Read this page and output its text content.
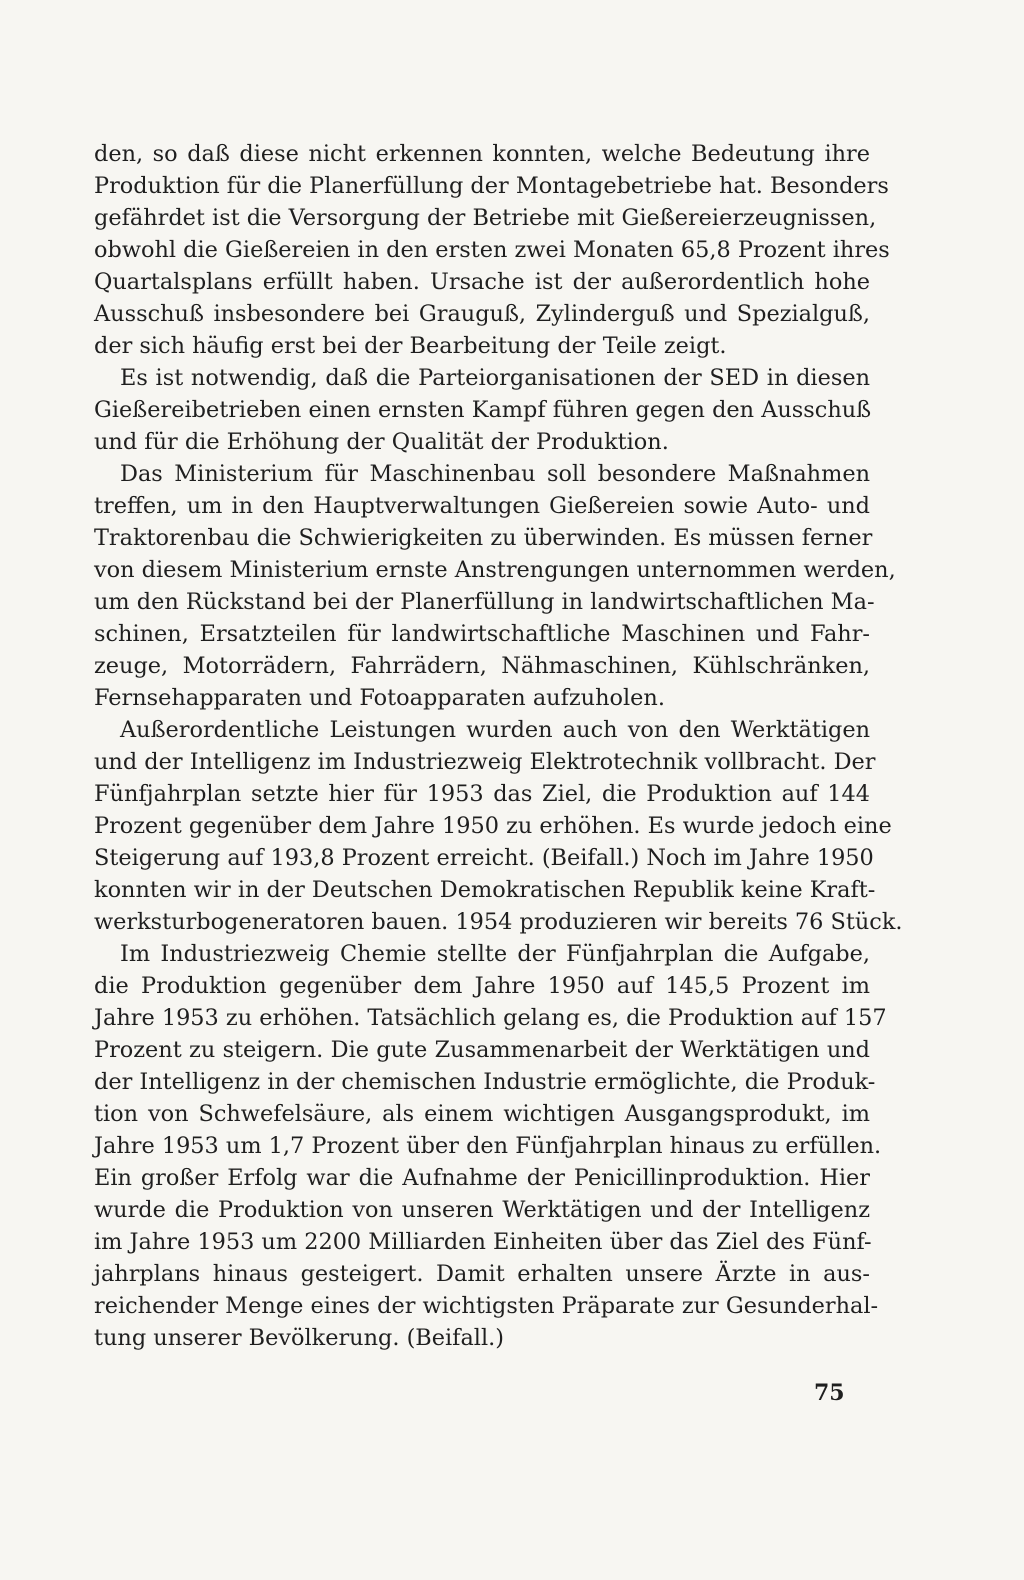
den, so daß diese nicht erkennen konnten, welche Bedeutung ihre
Produktion für die Planerfüllung der Montagebetriebe hat. Besonders
gefährdet ist die Versorgung der Betriebe mit Gießereierzeugnissen,
obwohl die Gießereien in den ersten zwei Monaten 65,8 Prozent ihres
Quartalsplans erfüllt haben. Ursache ist der außerordentlich hohe
Ausschuß insbesondere bei Grauguß, Zylinderguß und Spezialguß,
der sich häufig erst bei der Bearbeitung der Teile zeigt.
Es ist notwendig, daß die Parteiorganisationen der SED in diesen
Gießereibetrieben einen ernsten Kampf führen gegen den Ausschuß
und für die Erhöhung der Qualität der Produktion.
Das Ministerium für Maschinenbau soll besondere Maßnahmen
treffen, um in den Hauptverwaltungen Gießereien sowie Auto- und
Traktorenbau die Schwierigkeiten zu überwinden. Es müssen ferner
von diesem Ministerium ernste Anstrengungen unternommen werden,
um den Rückstand bei der Planerfüllung in landwirtschaftlichen Ma-
schinen, Ersatzteilen für landwirtschaftliche Maschinen und Fahr-
zeuge, Motorrädern, Fahrrädern, Nähmaschinen, Kühlschränken,
Fernsehapparaten und Fotoapparaten aufzuholen.
Außerordentliche Leistungen wurden auch von den Werktätigen
und der Intelligenz im Industriezweig Elektrotechnik vollbracht. Der
Fünfjahrplan setzte hier für 1953 das Ziel, die Produktion auf 144
Prozent gegenüber dem Jahre 1950 zu erhöhen. Es wurde jedoch eine
Steigerung auf 193,8 Prozent erreicht. (Beifall.) Noch im Jahre 1950
konnten wir in der Deutschen Demokratischen Republik keine Kraft-
werksturbogeneratoren bauen. 1954 produzieren wir bereits 76 Stück.
Im Industriezweig Chemie stellte der Fünfjahrplan die Aufgabe,
die Produktion gegenüber dem Jahre 1950 auf 145,5 Prozent im
Jahre 1953 zu erhöhen. Tatsächlich gelang es, die Produktion auf 157
Prozent zu steigern. Die gute Zusammenarbeit der Werktätigen und
der Intelligenz in der chemischen Industrie ermöglichte, die Produk-
tion von Schwefelsäure, als einem wichtigen Ausgangsprodukt, im
Jahre 1953 um 1,7 Prozent über den Fünfjahrplan hinaus zu erfüllen.
Ein großer Erfolg war die Aufnahme der Penicillinproduktion. Hier
wurde die Produktion von unseren Werktätigen und der Intelligenz
im Jahre 1953 um 2200 Milliarden Einheiten über das Ziel des Fünf-
jahrplans hinaus gesteigert. Damit erhalten unsere Ärzte in aus-
reichender Menge eines der wichtigsten Präparate zur Gesunderhal-
tung unserer Bevölkerung. (Beifall.)
75
